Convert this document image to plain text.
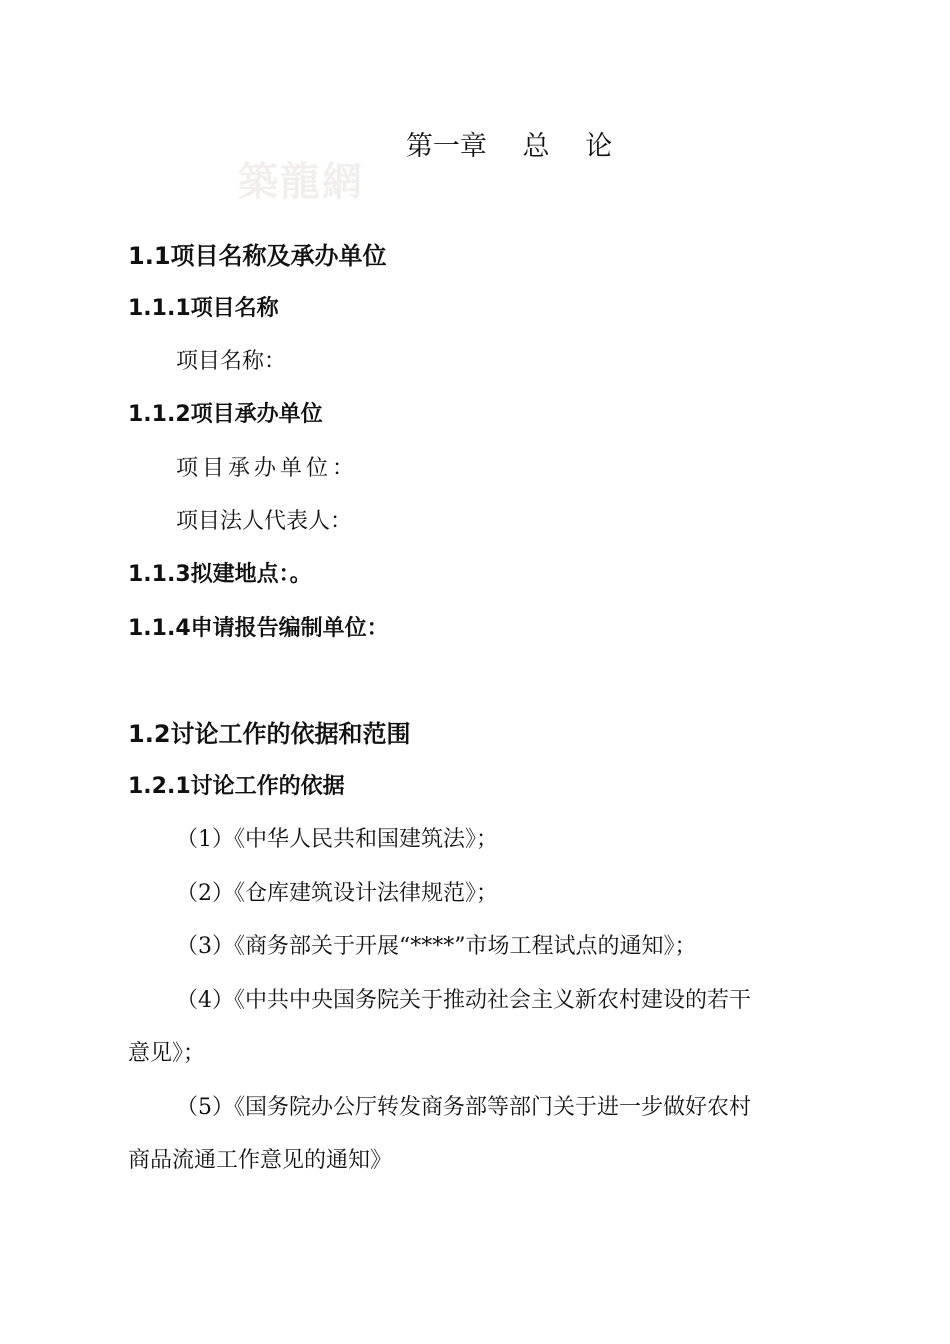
築龍網
第一章　 总　 论
1.1项目名称及承办单位
1.1.1项目名称
项目名称：
1.1.2项目承办单位
项目承办单位：
项目法人代表人：
1.1.3拟建地点：。
1.1.4申请报告编制单位：
1.2讨论工作的依据和范围
1.2.1讨论工作的依据
（1）《中华人民共和国建筑法》；
（2）《仓库建筑设计法律规范》；
（3）《商务部关于开展“****”市场工程试点的通知》；
（4）《中共中央国务院关于推动社会主义新农村建设的若干
意见》；
（5）《国务院办公厅转发商务部等部门关于进一步做好农村
商品流通工作意见的通知》
